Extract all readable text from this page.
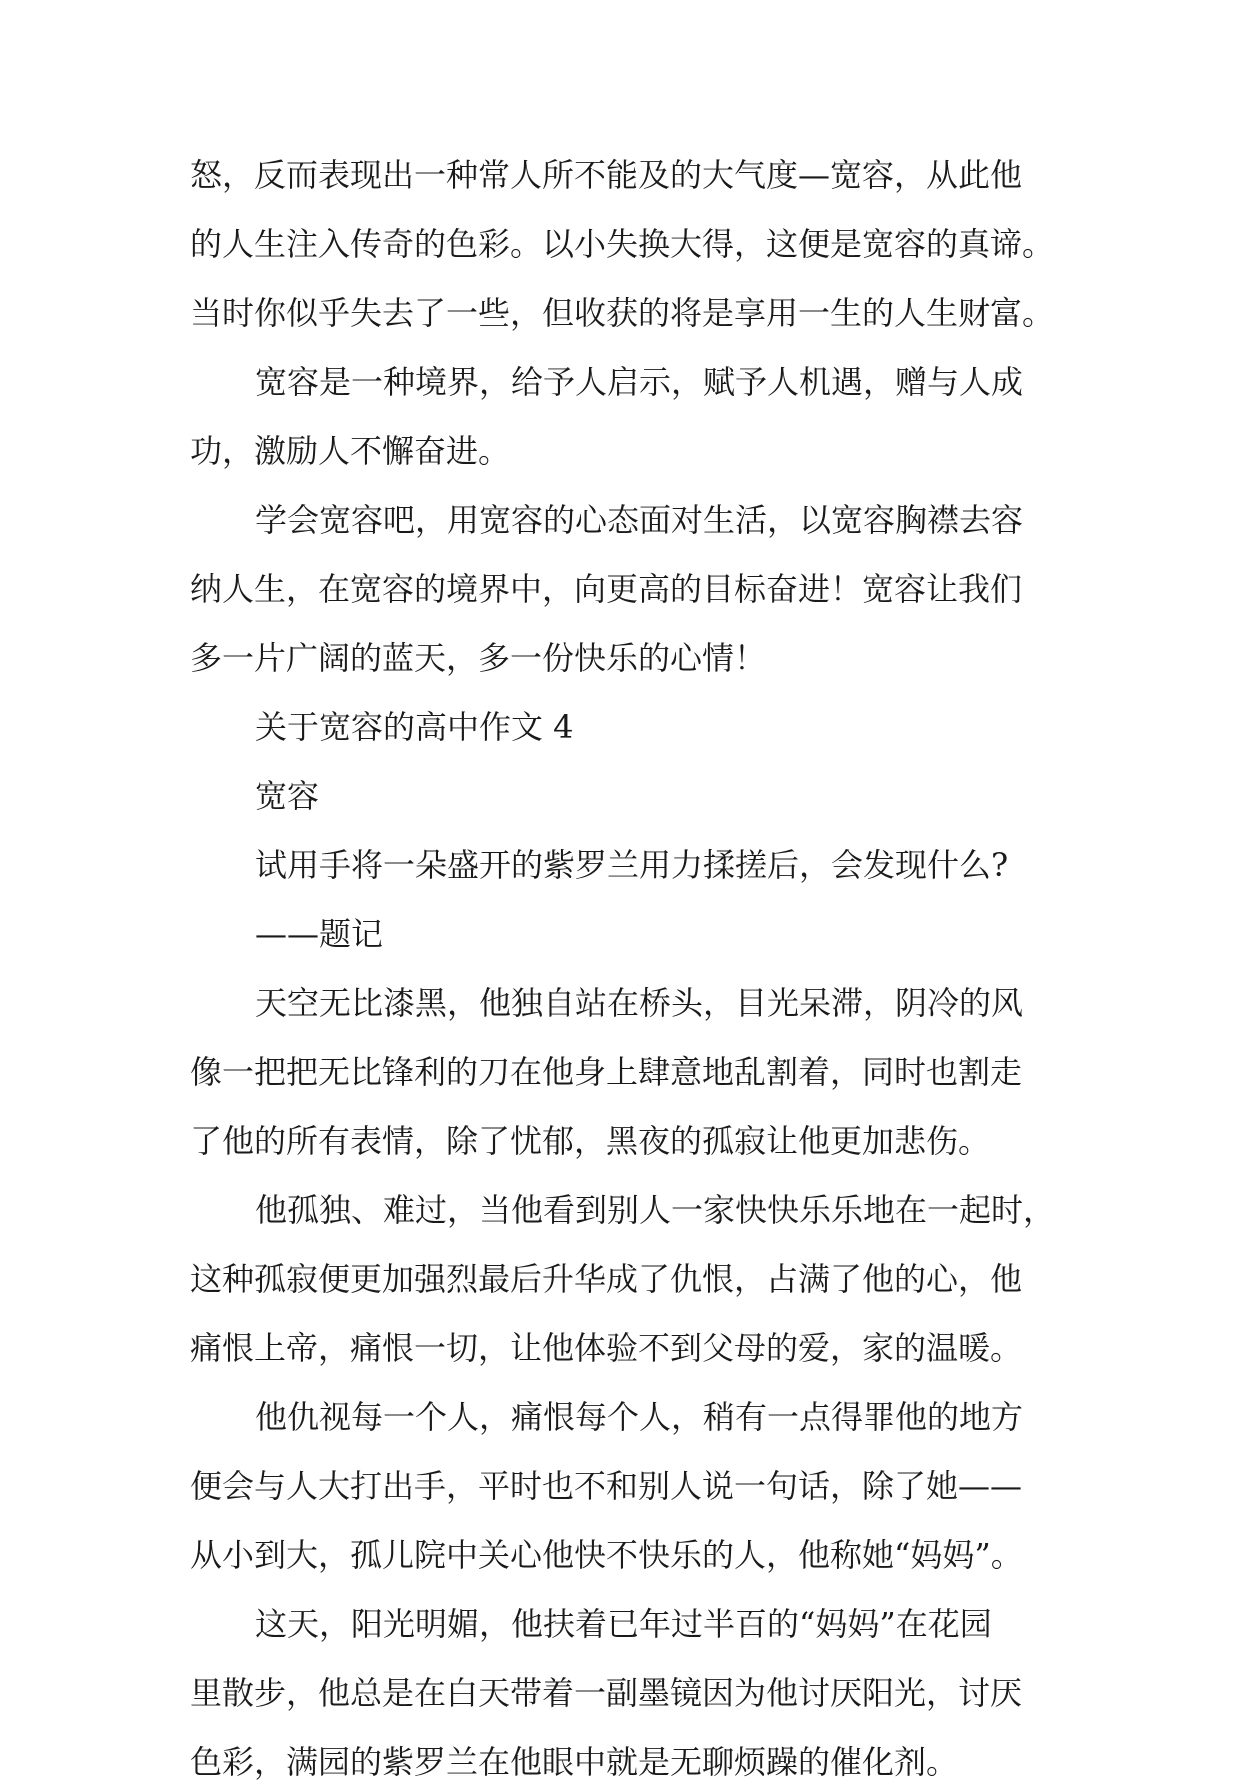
怒，反而表现出一种常人所不能及的大气度—宽容，从此他
的人生注入传奇的色彩。以小失换大得，这便是宽容的真谛。
当时你似乎失去了一些，但收获的将是享用一生的人生财富。
宽容是一种境界，给予人启示，赋予人机遇，赠与人成
功，激励人不懈奋进。
学会宽容吧，用宽容的心态面对生活，以宽容胸襟去容
纳人生，在宽容的境界中，向更高的目标奋进！宽容让我们
多一片广阔的蓝天，多一份快乐的心情！
关于宽容的高中作文 4
宽容
试用手将一朵盛开的紫罗兰用力揉搓后，会发现什么?
——题记
天空无比漆黑，他独自站在桥头，目光呆滞，阴冷的风
像一把把无比锋利的刀在他身上肆意地乱割着，同时也割走
了他的所有表情，除了忧郁，黑夜的孤寂让他更加悲伤。
他孤独、难过，当他看到别人一家快快乐乐地在一起时，
这种孤寂便更加强烈最后升华成了仇恨，占满了他的心，他
痛恨上帝，痛恨一切，让他体验不到父母的爱，家的温暖。
他仇视每一个人，痛恨每个人，稍有一点得罪他的地方
便会与人大打出手，平时也不和别人说一句话，除了她——
从小到大，孤儿院中关心他快不快乐的人，他称她“妈妈”。
这天，阳光明媚，他扶着已年过半百的“妈妈”在花园
里散步，他总是在白天带着一副墨镜因为他讨厌阳光，讨厌
色彩，满园的紫罗兰在他眼中就是无聊烦躁的催化剂。
